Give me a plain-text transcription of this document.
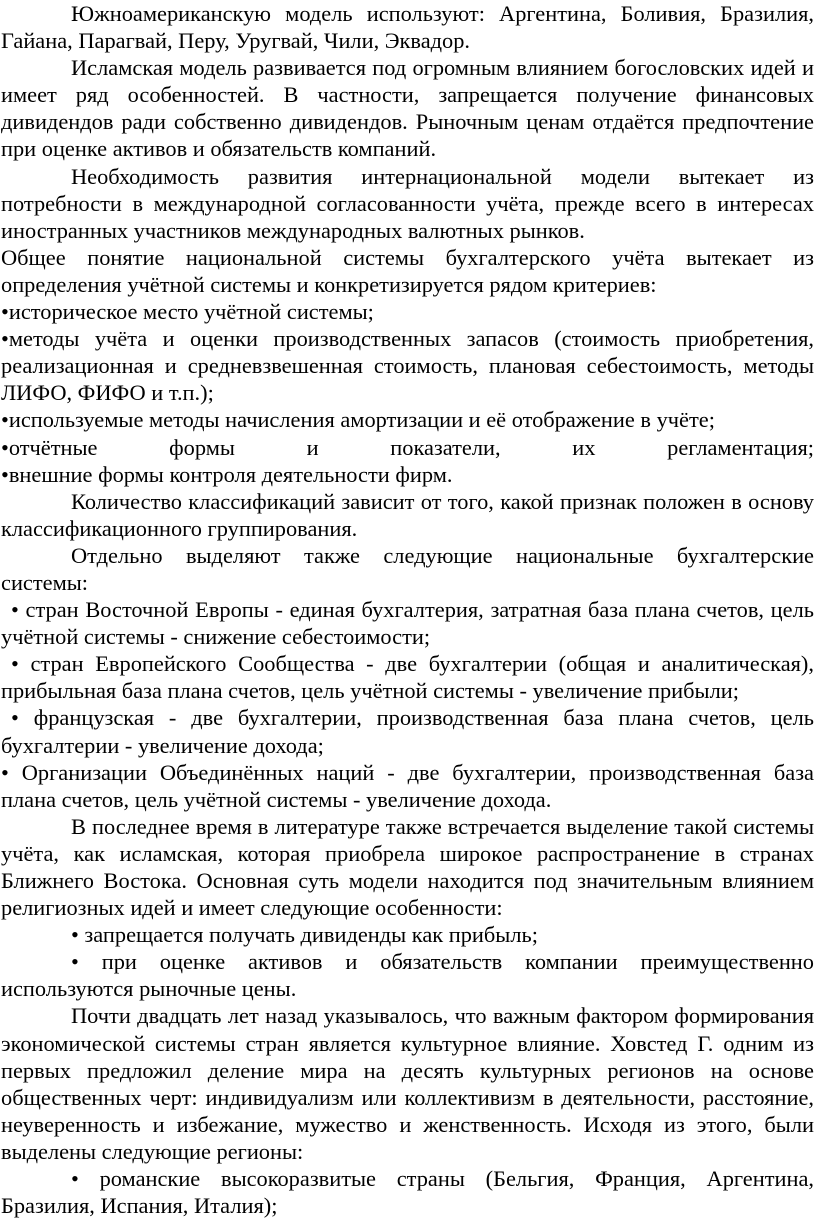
Южноамериканскую модель используют: Аргентина, Боливия, Бразилия, Гайана, Парагвай, Перу, Уругвай, Чили, Эквадор.

Исламская модель развивается под огромным влиянием богословских идей и имеет ряд особенностей. В частности, запрещается получение финансовых дивидендов ради собственно дивидендов. Рыночным ценам отдаётся предпочтение при оценке активов и обязательств компаний.

Необходимость развития интернациональной модели вытекает из потребности в международной согласованности учёта, прежде всего в интересах иностранных участников международных валютных рынков.

Общее понятие национальной системы бухгалтерского учёта вытекает из определения учётной системы и конкретизируется рядом критериев:

•историческое место учётной системы;

•методы учёта и оценки производственных запасов (стоимость приобретения, реализационная и средневзвешенная стоимость, плановая себестоимость, методы ЛИФО, ФИФО и т.п.);

•используемые методы начисления амортизации и её отображение в учёте;

•отчётные формы и показатели, их регламентация;

•внешние формы контроля деятельности фирм.

Количество классификаций зависит от того, какой признак положен в основу классификационного группирования.

Отдельно выделяют также следующие национальные бухгалтерские системы:

• стран Восточной Европы - единая бухгалтерия, затратная база плана счетов, цель учётной системы - снижение себестоимости;

• стран Европейского Сообщества - две бухгалтерии (общая и аналитическая), прибыльная база плана счетов, цель учётной системы - увеличение прибыли;

• французская - две бухгалтерии, производственная база плана счетов, цель бухгалтерии - увеличение дохода;

• Организации Объединённых наций - две бухгалтерии, производственная база плана счетов, цель учётной системы - увеличение дохода.

В последнее время в литературе также встречается выделение такой системы учёта, как исламская, которая приобрела широкое распространение в странах Ближнего Востока. Основная суть модели находится под значительным влиянием религиозных идей и имеет следующие особенности:

• запрещается получать дивиденды как прибыль;

• при оценке активов и обязательств компании преимущественно используются рыночные цены.

Почти двадцать лет назад указывалось, что важным фактором формирования экономической системы стран является культурное влияние. Ховстед Г. одним из первых предложил деление мира на десять культурных регионов на основе общественных черт: индивидуализм или коллективизм в деятельности, расстояние, неуверенность и избежание, мужество и женственность. Исходя из этого, были выделены следующие регионы:

• романские высокоразвитые страны (Бельгия, Франция, Аргентина, Бразилия, Испания, Италия);
